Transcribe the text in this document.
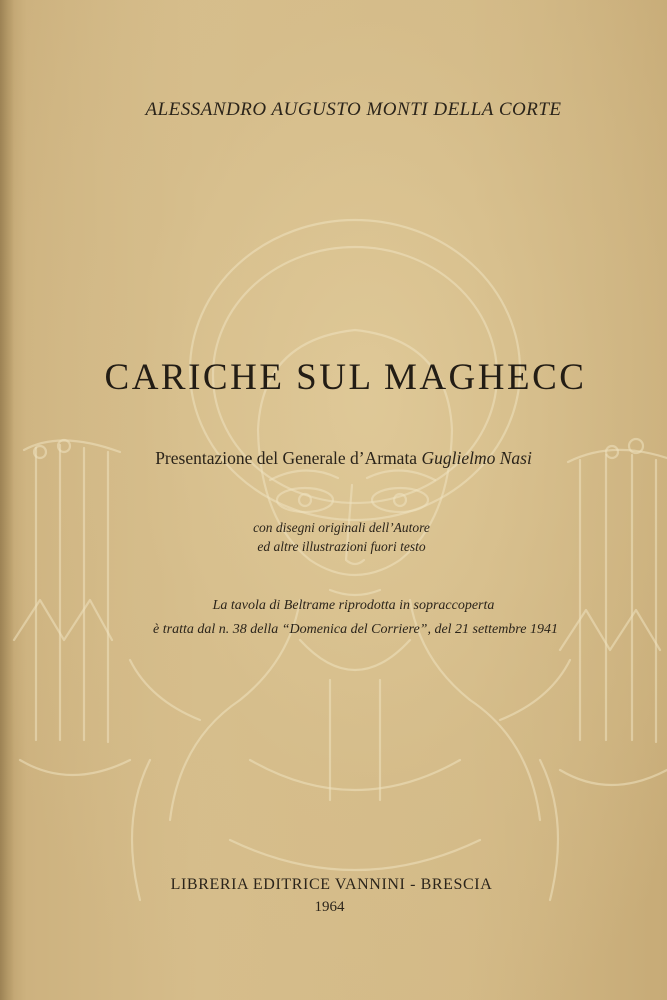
ALESSANDRO AUGUSTO MONTI DELLA CORTE
CARICHE SUL MAGHECC
Presentazione del Generale d’Armata Guglielmo Nasi
con disegni originali dell’Autore
ed altre illustrazioni fuori testo
La tavola di Beltrame riprodotta in sopraccoperta
è tratta dal n. 38 della “Domenica del Corriere”, del 21 settembre 1941
LIBRERIA EDITRICE VANNINI - BRESCIA
1964
